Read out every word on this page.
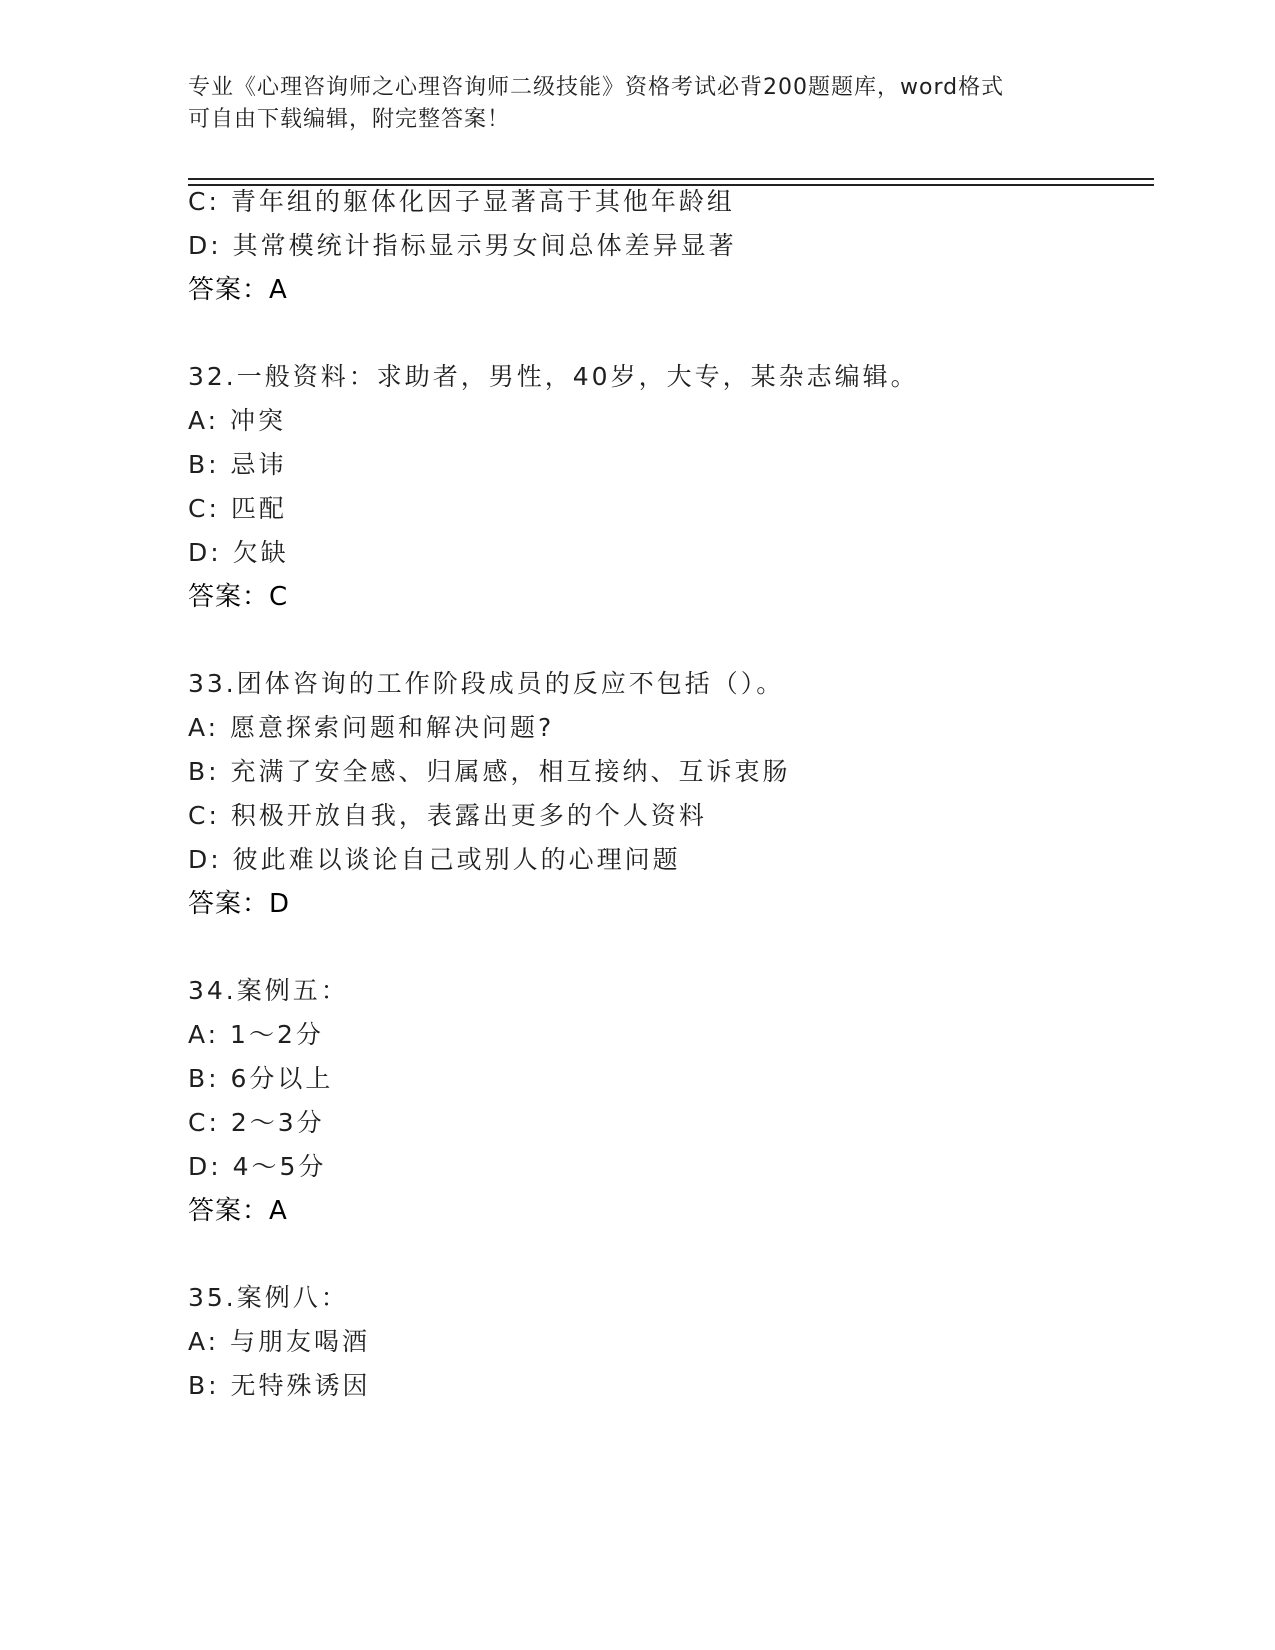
专业《心理咨询师之心理咨询师二级技能》资格考试必背200题题库，word格式
可自由下载编辑，附完整答案！
C: 青年组的躯体化因子显著高于其他年龄组
D: 其常模统计指标显示男女间总体差异显著
答案：A
32.一般资料：求助者，男性，40岁，大专，某杂志编辑。
A: 冲突
B: 忌讳
C: 匹配
D: 欠缺
答案：C
33.团体咨询的工作阶段成员的反应不包括（）。
A: 愿意探索问题和解决问题?
B: 充满了安全感、归属感，相互接纳、互诉衷肠
C: 积极开放自我，表露出更多的个人资料
D: 彼此难以谈论自己或别人的心理问题
答案：D
34.案例五：
A: 1～2分
B: 6分以上
C: 2～3分
D: 4～5分
答案：A
35.案例八：
A: 与朋友喝酒
B: 无特殊诱因
